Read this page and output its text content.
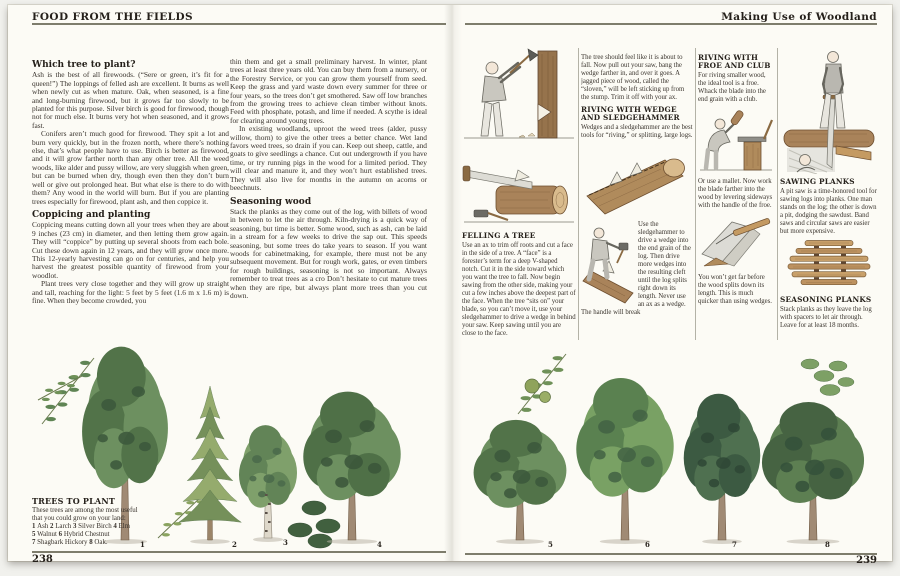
FOOD FROM THE FIELDS
Which tree to plant?

Ash is the best of all firewoods. (“Sere or green, it’s fit for a queen!”) The loppings of felled ash are excellent. It burns as well when newly cut as when mature. Oak, when seasoned, is a fine and long-burning firewood, but it grows far too slowly to be planted for this purpose. Silver birch is good for firewood, though not for much else. It burns very hot when seasoned, and it grows fast.

Conifers aren’t much good for firewood. They spit a lot and burn very quickly, but in the frozen north, where there’s nothing else, that’s what people have to use. Birch is better as firewood, and it will grow farther north than any other tree. All the weed woods, like alder and pussy willow, are very sluggish when green, but can be burned when dry, though even then they don’t burn well or give out prolonged heat. But what else is there to do with them? Any wood in the world will burn. But if you are planting trees especially for firewood, plant ash, and then coppice it.

Coppicing and planting

Coppicing means cutting down all your trees when they are about 9 inches (23 cm) in diameter, and then letting them grow again. They will “coppice” by putting up several shoots from each bole. Cut these down again in 12 years, and they will grow once more. This 12-yearly harvesting can go on for centuries, and help you harvest the greatest possible quantity of firewood from your woodlot.

Plant trees very close together and they will grow up straight and tall, reaching for the light: 5 feet by 5 feet (1.6 m x 1.6 m) is fine. When they become crowded, you

thin them and get a small preliminary harvest. In winter, plant trees at least three years old. You can buy them from a nursery, or the Forestry Service, or you can grow them yourself from seed. Keep the grass and yard waste down every summer for three or four years, so the trees don’t get smothered. Saw off low branches from the growing trees to achieve clean timber without knots. Feed with phosphate, potash, and lime if needed. A scythe is ideal for clearing around young trees.

In existing woodlands, uproot the weed trees (alder, pussy willow, thorn) to give the other trees a better chance. Wet land favors weed trees, so drain if you can. Keep out sheep, cattle, and goats to give seedlings a chance. Cut out undergrowth if you have time, or try running pigs in the wood for a limited period. They will clear and manure it, and they won’t hurt established trees. They will also live for months in the autumn on acorns or beechnuts.

Seasoning wood

Stack the planks as they come out of the log, with billets of wood in between to let the air through. Kiln-drying is a quick way of seasoning, but time is better. Some wood, such as ash, can be laid in a stream for a few weeks to drive the sap out. This speeds seasoning, but some trees do take years to season. If you want woods for cabinetmaking, for example, there must not be any subsequent movement. But for rough work, gates, or even timbers for rough buildings, seasoning is not so important. Always remember to treat trees as a cro Don’t hesitate to cut mature trees when they are ripe, but always plant more trees than you cut down.

1	2	3	4
TREES TO PLANT

These trees are among the most useful that you could grow on your land: 1 Ash 2 Larch 3 Silver Birch 4 Elm 5 Walnut 6 Hybrid Chestnut 7 Shagbark Hickory 8 Oak.

238
Making Use of Woodland
FELLING A TREE

Use an ax to trim off roots and cut a face in the side of a tree. A “face” is a forester’s term for a deep V-shaped notch. Cut it in the side toward which you want the tree to fall. Now begin sawing from the other side, making your cut a few inches above the deepest part of the face. When the tree “sits on” your blade, so you can’t move it, use your sledgehammer to drive a wedge in behind your saw. Keep sawing until you are close to the face.

The tree should feel like it is about to fall. Now pull out your saw, bang the wedge farther in, and over it goes. A jagged piece of wood, called the “sloven,” will be left sticking up from the stump. Trim it off with your ax.

RIVING WITH WEDGE AND SLEDGEHAMMER

Wedges and a sledgehammer are the best tools for “riving,” or splitting, large logs.

Use the sledgehammer to drive a wedge into the end grain of the log. Then drive more wedges into the resulting cleft until the log splits right down its length. Never use an ax as a wedge. The handle will break

RIVING WITH FROE AND CLUB

For riving smaller wood, the ideal tool is a froe. Whack the blade into the end grain with a club.

Or use a mallet. Now work the blade farther into the wood by levering sideways with the handle of the froe.

You won’t get far before the wood splits down its length. This is much quicker than using wedges.

SAWING PLANKS

A pit saw is a time-honored tool for sawing logs into planks. One man stands on the log; the other is down a pit, dodging the sawdust. Band saws and circular saws are easier but more expensive.

SEASONING PLANKS

Stack planks as they leave the log with spacers to let air through. Leave for at least 18 months.

5	6	7	8
239
